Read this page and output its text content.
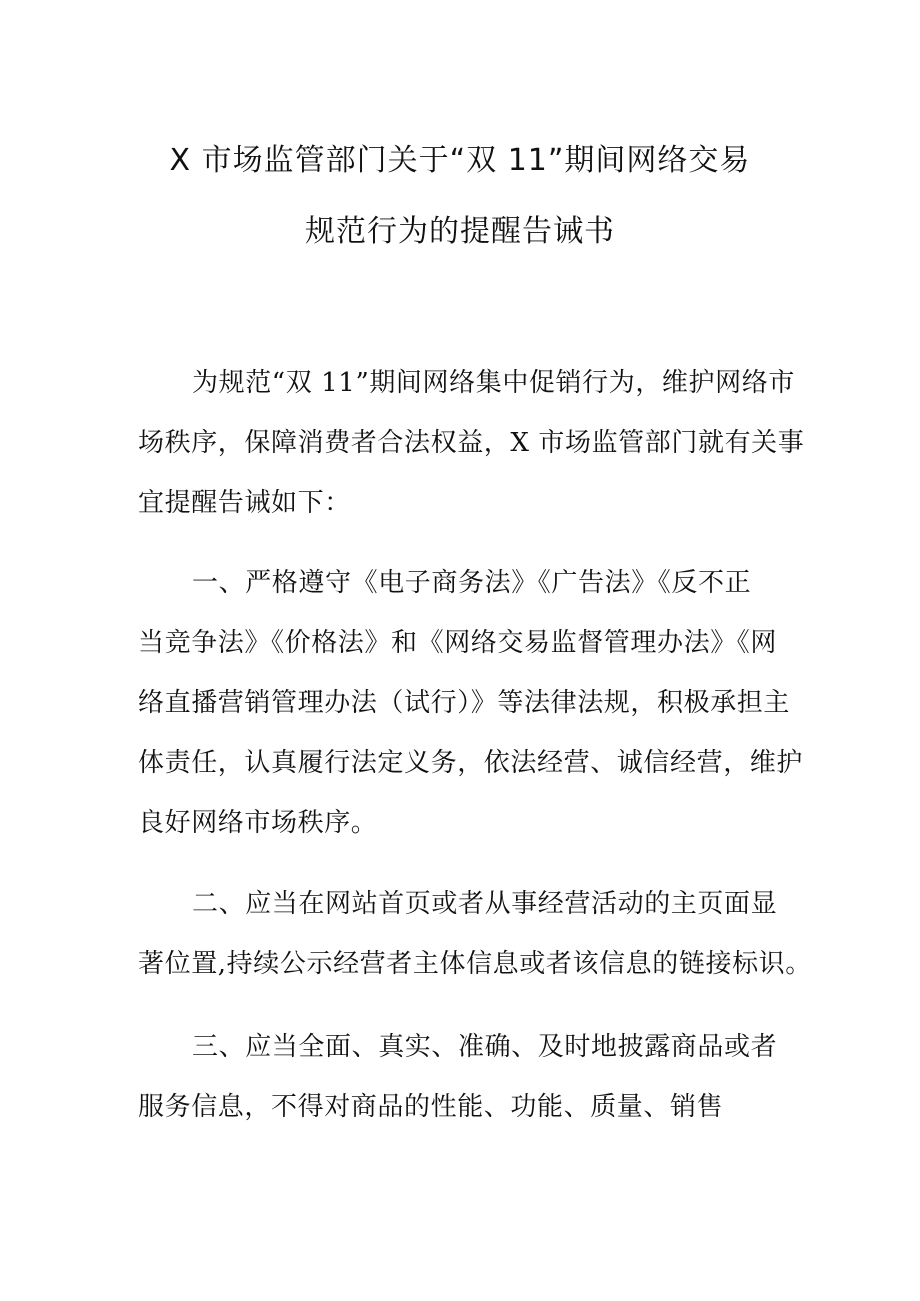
X 市场监管部门关于“双 11”期间网络交易
规范行为的提醒告诫书

为规范“双 11”期间网络集中促销行为，维护网络市

场秩序，保障消费者合法权益，X 市场监管部门就有关事

宜提醒告诫如下：

一、严格遵守《电子商务法》《广告法》《反不正

当竞争法》《价格法》和《网络交易监督管理办法》《网

络直播营销管理办法（试行）》等法律法规，积极承担主

体责任，认真履行法定义务，依法经营、诚信经营，维护

良好网络市场秩序。

二、应当在网站首页或者从事经营活动的主页面显

著位置,持续公示经营者主体信息或者该信息的链接标识。

三、应当全面、真实、准确、及时地披露商品或者

服务信息，不得对商品的性能、功能、质量、销售
